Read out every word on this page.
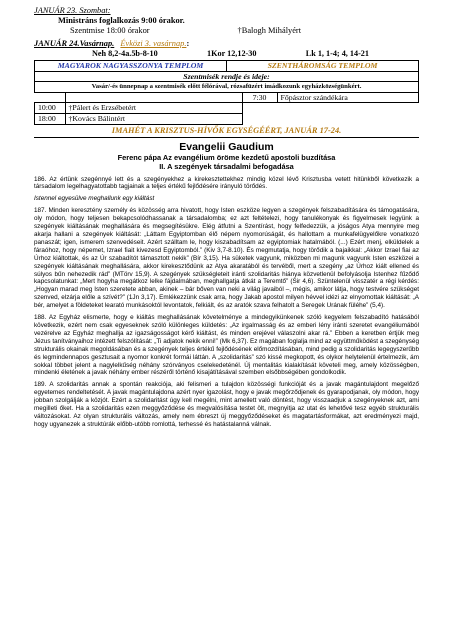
JANUÁR 23. Szombat:
Ministráns foglalkozás 9:00 órakor.
Szentmise 18:00 órakor	†Balogh Mihályért
JANUÁR 24.Vasárnap. Évközi 3. vasárnap.:
Neh 8,2-4a.5b-8-10	1Kor 12,12-30	Lk 1, 1-4; 4, 14-21
MAGYAROK NAGYASSZONYA TEMPLOM	SZENTHÁROMSÁG TEMPLOM
Szentmisék rendje és ideje:
Vasár/-és ünnepnap a szentmisék előtt félórával, rózsafüzért imádkozunk egyházközségünkért.
		7:30	Főpásztor szándékára
10:00	†Pálert és Erzsébetért		
18:00	†Kovács Bálintért		
IMAHÉT A KRISZTUS-HÍVŐK EGYSÉGÉÉRT, JANUÁR 17-24.
Evangelii Gaudium
Ferenc pápa Az evangélium öröme kezdetű apostoli buzdítása
II. A szegények társadalmi befogadása

186. Az értünk szegénnyé lett és a szegényekhez a kirekesztettekhez mindig közel lévő Krisztusba vetett hitünkből következik a társadalom legelhagyatottabb tagjainak a teljes értékű fejlődésére irányuló törődés.

Istennel egyesülve meghallunk egy kiáltást

187. Minden keresztény személy és közösség arra hivatott, hogy Isten eszköze legyen a szegények felszabadítására és támogatására, oly módon, hogy teljesen bekapcsolódhassanak a társadalomba; ez azt feltételezi, hogy tanulékonyak és figyelmesek legyünk a szegények kiáltásának meghallására és megsegítésükre. Elég átfutni a Szentírást, hogy felfedezzük, a jóságos Atya mennyire meg akarja hallani a szegények kiáltását: „Láttam Egyiptomban élő népem nyomorúságát, és hallottam a munkafelügyelőkre vonatkozó panaszát; igen, ismerem szenvedéseit. Azért szálltam le, hogy kiszabadítsam az egyiptomiak hatalmából. (...) Ezért menj, elküldelek a fáraóhoz, hogy népemet, Izrael fiait kivezesd Egyiptomból.” (Kiv 3,7-8.10). És megmutatja, hogy törődik a bajaikkal: „Akkor Izrael fiai az Úrhoz kiáltottak, és az Úr szabadítót támasztott nekik” (Bír 3,15). Ha süketek vagyunk, miközben mi magunk vagyunk Isten eszközei a szegények kiáltásának meghallására, akkor kirekesztődünk az Atya akaratából és tervéből, mert a szegény „az Úrhoz kiált ellened és súlyos bűn nehezedik rád” (MTörv 15,9). A szegények szükségleteit iránti szolidaritás hiánya közvetlenül befolyásolja Istenhez fűződő kapcsolatunkat: „Mert hogyha megátkoz lelke fájdalmában, meghallgatja átkát a Teremtő” (Sir 4,6). Szüntelenül visszatér a régi kérdés: „Hogyan marad meg Isten szeretete abban, akinek – bár bőven van neki a világ javaiból –, mégis, amikor látja, hogy testvére szükséget szenved, elzárja előle a szívét?” (1Jn 3,17). Emlékezzünk csak arra, hogy Jakab apostol milyen hévvel idézi az elnyomottak kiáltását: „A bér, amelyet a földeteket learató munkásoktól levontatok, felkiált, és az aratók szava felhatolt a Seregek Urának füléhe” (5,4).

188. Az Egyház elismerte, hogy e kiáltás meghallásának követelménye a mindegyikünkenek szóló kegyelem felszabadító hatásából következik, ezért nem csak egyeseknek szóló különleges küldetés: „Az irgalmasság és az emberi lény iránti szeretet evangéliumából vezérelve az Egyház meghallja az igazságosságot kérő kiáltást, és minden erejével válaszolni akar rá.” Ebben a keretben értjük meg Jézus tanítványaihoz intézett felszólítását: „Ti adjatok nekik enni!” (Mk 6,37). Ez magában foglalja mind az együttműködést a szegénység strukturális okainak megoldásában és a szegények teljes értékű fejlődésének előmozdításában, mind pedig a szolidaritás legegyszerűbb és legmindennapos gesztusait a nyomor konkrét formái láttán. A „szolidaritás” szó kissé megkopott, és olykor helytelenül értelmezik, ám sokkal többet jelent a nagylelkűség néhány szórványos cselekedeténél. Új mentalitás kialakítását követeli meg, amely közösségben, mindenki életének a javak néhány ember részéről történő kisajátításával szemben elsőbbségében gondolkodik.

189. A szolidaritás annak a spontán reakciója, aki felismeri a tulajdon közösségi funkcióját és a javak magántulajdont megelőző egyetemes rendeltetését. A javak magántulajdona azért nyer igazolást, hogy e javak megőrződjenek és gyarapodjanak, oly módon, hogy jobban szolgálják a közjót. Ezért a szolidaritást úgy kell megélni, mint amellett való döntést, hogy visszaadjuk a szegényeknek azt, ami megilleti őket. Ha a szolidaritás ezen meggyőződése és megvalósítása testet ölt, megnyitja az utat és lehetővé tesz egyéb strukturális változásokat. Az olyan strukturális változás, amely nem ébreszt új meggyőződéseket és magatartásformákat, azt eredményezi majd, hogy ugyanezek a struktúrák előbb-utóbb romlottá, terhessé és hatástalanná válnak.
